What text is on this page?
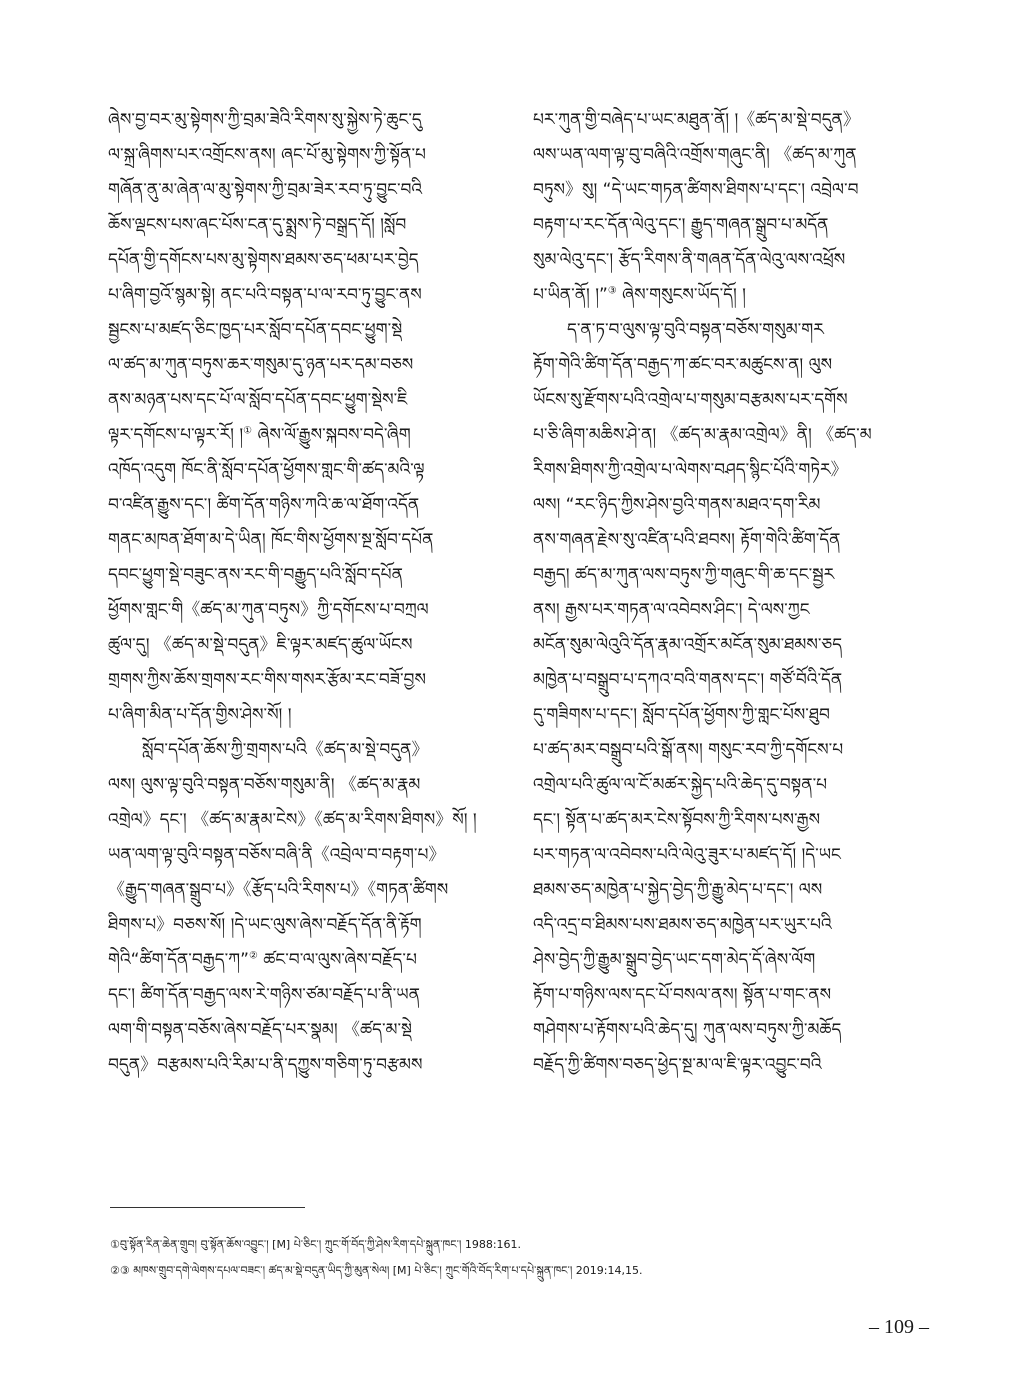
ཞེས་བྱ་བར་མུ་སྟེགས་ཀྱི་བྲམ་ཟེའི་རིགས་སུ་སྐྱེས་ཏེ་ཆུང་དུ
ལ་སྐྲ་ཞིགས་པར་འགྲོངས་ནས། ཞང་པོ་མུ་སྟེགས་ཀྱི་སྟོན་པ
གཞོན་ནུ་མ་ཞེན་ལ་མུ་སྟེགས་ཀྱི་བྲམ་ཟེར་རབ་ཏུ་བྱུང་བའི
ཆོས་ལྡངས་པས་ཞང་པོས་ངན་དུ་སྨྲས་ཏེ་བསྒྲད་དོ། །སློབ
དཔོན་གྱི་དགོངས་པས་མུ་སྟེགས་ཐམས་ཅད་ཕམ་པར་བྱེད
པ་ཞིག་བྱའོ་སྙམ་སྟེ། ནང་པའི་བསྟན་པ་ལ་རབ་ཏུ་བྱུང་ནས
སྦྱངས་པ་མཛད་ཅིང་ཁྱད་པར་སློབ་དཔོན་དབང་ཕྱུག་སྡེ
ལ་ཚད་མ་ཀུན་བཏུས་ཆར་གསུམ་དུ་ཉན་པར་དམ་བཅས
ནས་མཉན་པས་དང་པོ་ལ་སློབ་དཔོན་དབང་ཕྱུག་སྡེས་ཇི
ལྟར་དགོངས་པ་ལྟར་རོ། །① ཞེས་ལོ་རྒྱུས་སྐབས་བདེ་ཞིག
འཁོད་འདུག ཁོང་ནི་སློབ་དཔོན་ཕྱོགས་གླང་གི་ཚད་མའི་ལྟ
བ་འཛིན་རྒྱུས་དང་། ཚིག་དོན་གཉིས་ཀའི་ཆ་ལ་ཐོག་འདོན
གནང་མཁན་ཐོག་མ་དེ་ཡིན། ཁོང་གིས་ཕྱོགས་སྔ་སློབ་དཔོན
དབང་ཕྱུག་སྡེ་བཟུང་ནས་རང་གི་བརྒྱུད་པའི་སློབ་དཔོན
ཕྱོགས་གླང་གི《ཚད་མ་ཀུན་བཏུས》ཀྱི་དགོངས་པ་བཀྲལ
ཚུལ་དུ། 《ཚད་མ་སྡེ་བདུན》ཇི་ལྟར་མཛད་ཚུལ་ཡོངས
གྲགས་ཀྱིས་ཆོས་གྲགས་རང་གིས་གསར་རྩོམ་རང་བཟོ་བྱས
པ་ཞིག་མིན་པ་དོན་གྱིས་ཤེས་སོ། །
སློབ་དཔོན་ཆོས་ཀྱི་གྲགས་པའི《ཚད་མ་སྡེ་བདུན》
ལས། ལུས་ལྟ་བུའི་བསྟན་བཅོས་གསུམ་ནི། 《ཚད་མ་རྣམ
འགྲེལ》དང་། 《ཚད་མ་རྣམ་ངེས》《ཚད་མ་རིགས་ཐིགས》སོ། །
ཡན་ལག་ལྟ་བུའི་བསྟན་བཅོས་བཞི་ནི《འབྲེལ་བ་བརྟག་པ》
《རྒྱུད་གཞན་སྒྲུབ་པ》《རྩོད་པའི་རིགས་པ》《གཏན་ཚིགས
ཐིགས་པ》བཅས་སོ། །དེ་ཡང་ལུས་ཞེས་བརྗོད་དོན་ནི་རྟོག
གེའི“ཚིག་དོན་བརྒྱད་ཀ”② ཚང་བ་ལ་ལུས་ཞེས་བརྗོད་པ
དང་། ཚིག་དོན་བརྒྱད་ལས་རེ་གཉིས་ཙམ་བརྗོད་པ་ནི་ཡན
ལག་གི་བསྟན་བཅོས་ཞེས་བརྗོད་པར་སྣམ། 《ཚད་མ་སྡེ
བདུན》བརྩམས་པའི་རིམ་པ་ནི་དཀྱུས་གཅིག་ཏུ་བརྩམས
པར་ཀུན་གྱི་བཞེད་པ་ཡང་མཐུན་ནོ། །《ཚད་མ་སྡེ་བདུན》
ལས་ཡན་ལག་ལྟ་བུ་བཞིའི་འགྲོས་གཞུང་ནི། 《ཚད་མ་ཀུན
བཏུས》སུ། “དེ་ཡང་གཏན་ཚིགས་ཐིགས་པ་དང་། འབྲེལ་བ
བརྟག་པ་རང་དོན་ལེའུ་དང་། རྒྱུད་གཞན་སྒྲུབ་པ་མདོན
སུམ་ལེའུ་དང་། རྩོད་རིགས་ནི་གཞན་དོན་ལེའུ་ལས་འཕྲོས
པ་ཡིན་ནོ། །”③ ཞེས་གསུངས་ཡོད་དོ། །
ད་ན་ཏ་བ་ལུས་ལྟ་བུའི་བསྟན་བཅོས་གསུམ་གར
རྟོག་གེའི་ཚིག་དོན་བརྒྱད་ཀ་ཚང་བར་མཚུངས་ན། ལུས
ཡོངས་སུ་རྫོགས་པའི་འགྲེལ་པ་གསུམ་བརྩམས་པར་དགོས
པ་ཅི་ཞིག་མཆིས་ཤེ་ན། 《ཚད་མ་རྣམ་འགྲེལ》ནི། 《ཚད་མ
རིགས་ཐིགས་ཀྱི་འགྲེལ་པ་ལེགས་བཤད་སྙིང་པོའི་གཏེར》
ལས། “རང་ཉིད་ཀྱིས་ཤེས་བྱའི་གནས་མཐའ་དག་རིམ
ནས་གཞན་རྗེས་སུ་འཛིན་པའི་ཐབས། རྟོག་གེའི་ཚིག་དོན
བརྒྱད། ཚད་མ་ཀུན་ལས་བཏུས་ཀྱི་གཞུང་གི་ཆ་དང་སྦྱར
ནས། རྒྱས་པར་གཏན་ལ་འབེབས་ཤིང་། དེ་ལས་ཀྱང
མངོན་སུམ་ལེའུའི་དོན་རྣམ་འགྲོར་མངོན་སུམ་ཐམས་ཅད
མཁྱེན་པ་བསྒྲུབ་པ་དཀའ་བའི་གནས་དང་། གཙོ་བོའི་དོན
དུ་གཟིགས་པ་དང་། སློབ་དཔོན་ཕྱོགས་ཀྱི་གླང་པོས་ཐུབ
པ་ཚད་མར་བསྒྲུབ་པའི་སྒོ་ནས། གསུང་རབ་ཀྱི་དགོངས་པ
འགྲེལ་པའི་ཚུལ་ལ་ངོ་མཚར་སྐྱེད་པའི་ཆེད་དུ་བསྟན་པ
དང་། སྟོན་པ་ཚད་མར་ངེས་སྟོབས་ཀྱི་རིགས་པས་རྒྱས
པར་གཏན་ལ་འབེབས་པའི་ལེའུ་ཟུར་པ་མཛད་དོ། །དེ་ཡང
ཐམས་ཅད་མཁྱེན་པ་སྐྱེད་བྱེད་ཀྱི་རྒྱུ་མེད་པ་དང་། ལས
འདི་འདྲ་བ་ཐིམས་པས་ཐམས་ཅད་མཁྱེན་པར་ཡུར་པའི
ཤེས་བྱེད་ཀྱི་རྒྱུམ་སྒྲུབ་བྱེད་ཡང་དག་མེད་དོ་ཞེས་ལོག
རྟོག་པ་གཉིས་ལས་དང་པོ་བསལ་ནས། སྟོན་པ་གང་ནས
གཤེགས་པ་རྟོགས་པའི་ཆེད་དུ། ཀུན་ལས་བཏུས་ཀྱི་མཆོད
བརྗོད་ཀྱི་ཚིགས་བཅད་ཕྱེད་སྔ་མ་ལ་ཇི་ལྟར་འབྱུང་བའི
①བུ་སྟོན་རིན་ཆེན་གྲུབ། བུ་སྟོན་ཆོས་འབྱུང་། [M] པེ་ཅིང་། ཀྲུང་གོ་བོད་ཀྱི་ཤེས་རིག་དཔེ་སྐྲུན་ཁང་། 1988:161.
②③ མཁས་གྲུབ་དགེ་ལེགས་དཔལ་བཟང་། ཚད་མ་སྡེ་བདུན་ཡིད་ཀྱི་མུན་སེལ། [M] པེ་ཅིང་། ཀྲུང་གོའི་བོད་རིག་པ་དཔེ་སྐྲུན་ཁང་། 2019:14,15.
– 109 –
